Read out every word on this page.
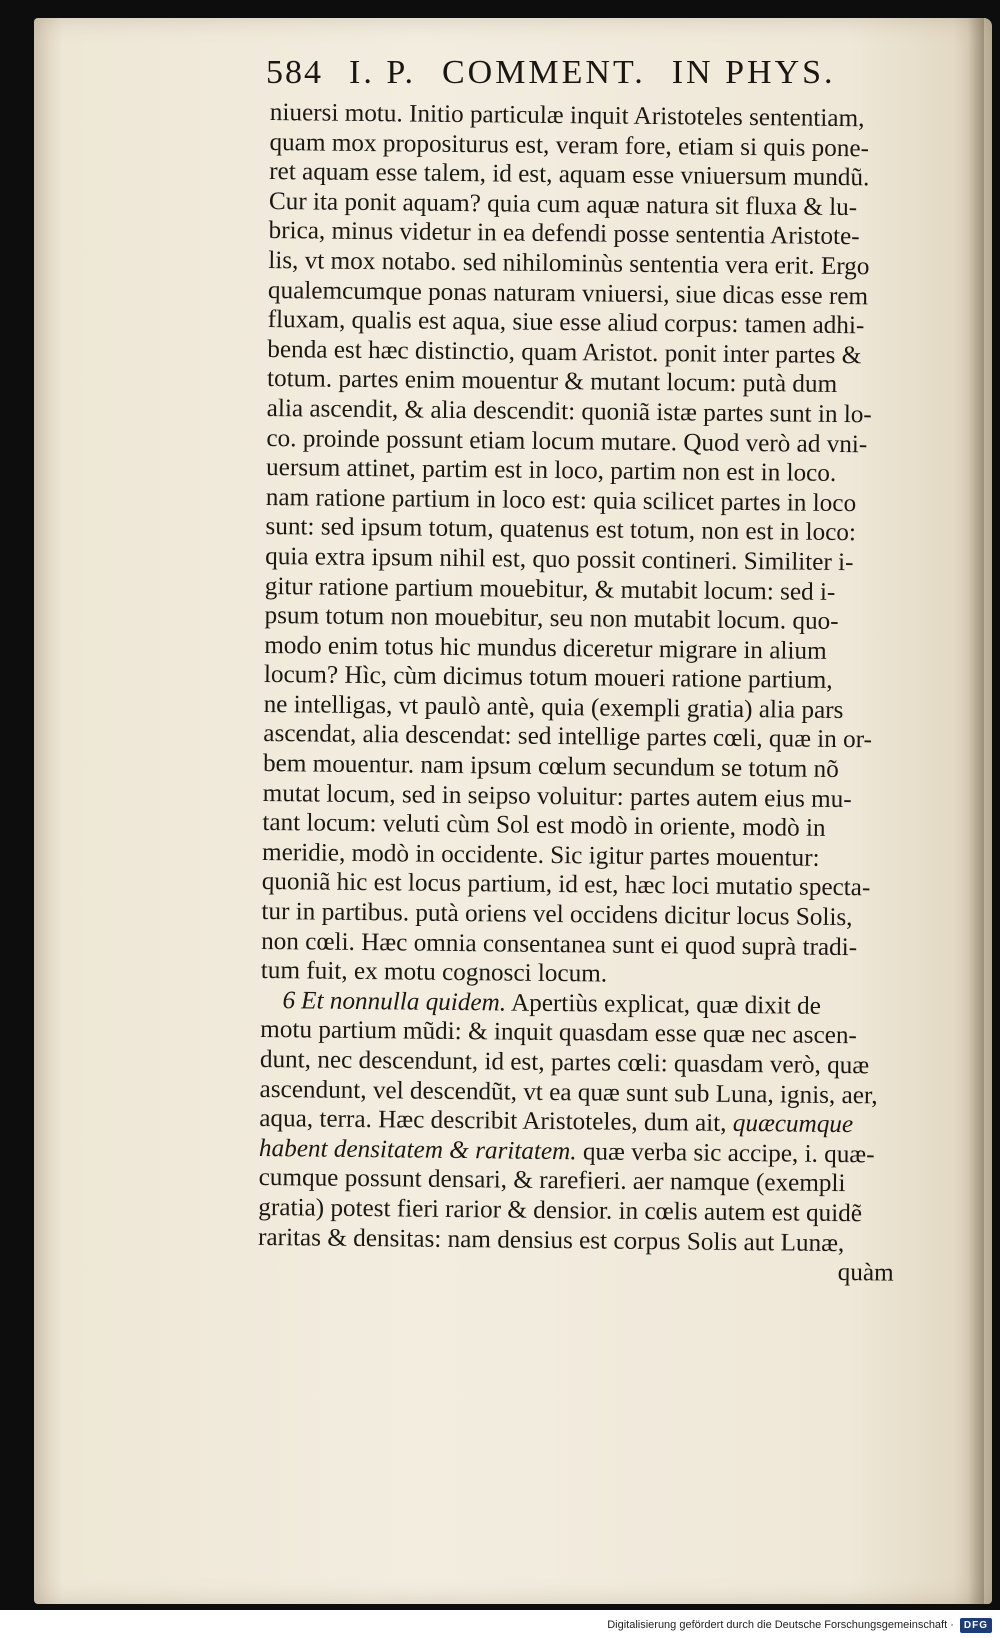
584 I. P. COMMENT. IN PHYS.
niuersi motu. Initio particulæ inquit Aristoteles sententiam,
quam mox propositurus est, veram fore, etiam si quis pone-
ret aquam esse talem, id est, aquam esse vniuersum mundũ.
Cur ita ponit aquam? quia cum aquæ natura sit fluxa & lu-
brica, minus videtur in ea defendi posse sententia Aristote-
lis, vt mox notabo. sed nihilominùs sententia vera erit. Ergo
qualemcumque ponas naturam vniuersi, siue dicas esse rem
fluxam, qualis est aqua, siue esse aliud corpus: tamen adhi-
benda est hæc distinctio, quam Aristot. ponit inter partes &
totum. partes enim mouentur & mutant locum: putà dum
alia ascendit, & alia descendit: quoniã istæ partes sunt in lo-
co. proinde possunt etiam locum mutare. Quod verò ad vni-
uersum attinet, partim est in loco, partim non est in loco.
nam ratione partium in loco est: quia scilicet partes in loco
sunt: sed ipsum totum, quatenus est totum, non est in loco:
quia extra ipsum nihil est, quo possit contineri. Similiter i-
gitur ratione partium mouebitur, & mutabit locum: sed i-
psum totum non mouebitur, seu non mutabit locum. quo-
modo enim totus hic mundus diceretur migrare in alium
locum? Hìc, cùm dicimus totum moueri ratione partium,
ne intelligas, vt paulò antè, quia (exempli gratia) alia pars
ascendat, alia descendat: sed intellige partes cœli, quæ in or-
bem mouentur. nam ipsum cœlum secundum se totum nõ
mutat locum, sed in seipso voluitur: partes autem eius mu-
tant locum: veluti cùm Sol est modò in oriente, modò in
meridie, modò in occidente. Sic igitur partes mouentur:
quoniã hic est locus partium, id est, hæc loci mutatio specta-
tur in partibus. putà oriens vel occidens dicitur locus Solis,
non cœli. Hæc omnia consentanea sunt ei quod suprà tradi-
tum fuit, ex motu cognosci locum.
6 Et nonnulla quidem. Apertiùs explicat, quæ dixit de
motu partium mũdi: & inquit quasdam esse quæ nec ascen-
dunt, nec descendunt, id est, partes cœli: quasdam verò, quæ
ascendunt, vel descendũt, vt ea quæ sunt sub Luna, ignis, aer,
aqua, terra. Hæc describit Aristoteles, dum ait, quæcumque
habent densitatem & raritatem. quæ verba sic accipe, i. quæ-
cumque possunt densari, & rarefieri. aer namque (exempli
gratia) potest fieri rarior & densior. in cœlis autem est quidẽ
raritas & densitas: nam densius est corpus Solis aut Lunæ,
quàm
Digitalisierung gefördert durch die Deutsche Forschungsgemeinschaft ·	DFG
